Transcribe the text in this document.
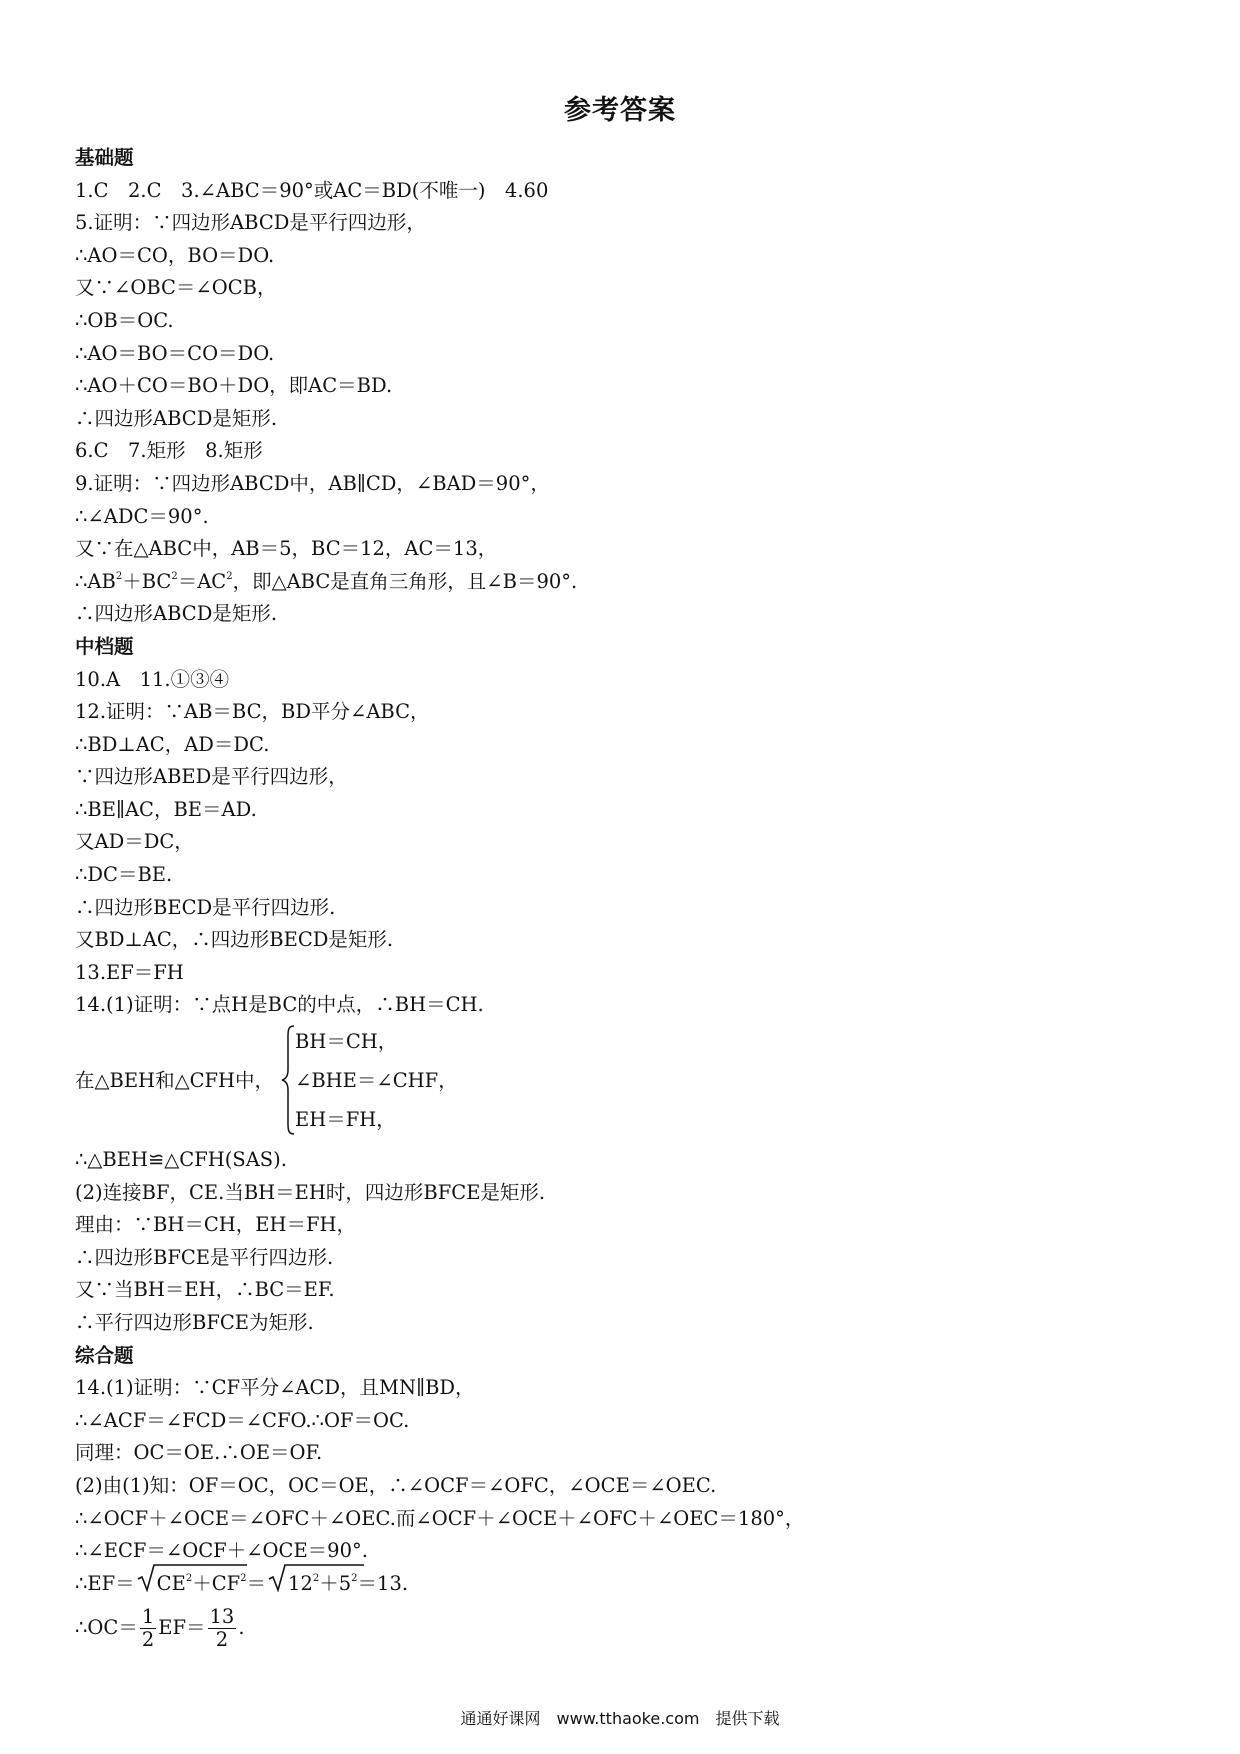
参考答案
基础题
1.C　2.C　3.∠ABC＝90°或AC＝BD(不唯一)　4.60
5.证明：∵四边形ABCD是平行四边形，
∴AO＝CO，BO＝DO.
又∵∠OBC＝∠OCB，
∴OB＝OC.
∴AO＝BO＝CO＝DO.
∴AO＋CO＝BO＋DO，即AC＝BD.
∴四边形ABCD是矩形.
6.C　7.矩形　8.矩形
9.证明：∵四边形ABCD中，AB∥CD，∠BAD＝90°，
∴∠ADC＝90°.
又∵在△ABC中，AB＝5，BC＝12，AC＝13，
$\therefore AB^2+BC^2=AC^2$，即△ABC是直角三角形，且∠B＝90°.
∴四边形ABCD是矩形.
中档题
10.A　11.①③④
12.证明：∵AB＝BC，BD平分∠ABC，
∴BD⊥AC，AD＝DC.
∵四边形ABED是平行四边形，
∴BE∥AC，BE＝AD.
又AD＝DC，
∴DC＝BE.
∴四边形BECD是平行四边形.
又BD⊥AC，∴四边形BECD是矩形.
13.EF＝FH
14.(1)证明：∵点H是BC的中点，∴BH＝CH.
在△BEH和△CFH中，
BH＝CH，
∠BHE＝∠CHF，
EH＝FH，
∴△BEH≌△CFH(SAS).
(2)连接BF，CE.当BH＝EH时，四边形BFCE是矩形.
理由：∵BH＝CH，EH＝FH，
∴四边形BFCE是平行四边形.
又∵当BH＝EH，∴BC＝EF.
∴平行四边形BFCE为矩形.
综合题
14.(1)证明：∵CF平分∠ACD，且MN∥BD，
∴∠ACF＝∠FCD＝∠CFO.∴OF＝OC.
同理：OC＝OE.∴OE＝OF.
(2)由(1)知：OF＝OC，OC＝OE，∴∠OCF＝∠OFC，∠OCE＝∠OEC.
∴∠OCF＋∠OCE＝∠OFC＋∠OEC.而∠OCF＋∠OCE＋∠OFC＋∠OEC＝180°，
∴∠ECF＝∠OCF＋∠OCE＝90°.
∴EF＝ $CE^2+CF^2= 12^2+5^2=13$.
∴OC＝ $\frac{1}{2} EF= \frac{13}{2}$ .
通通好课网　www.tthaoke.com　提供下载
